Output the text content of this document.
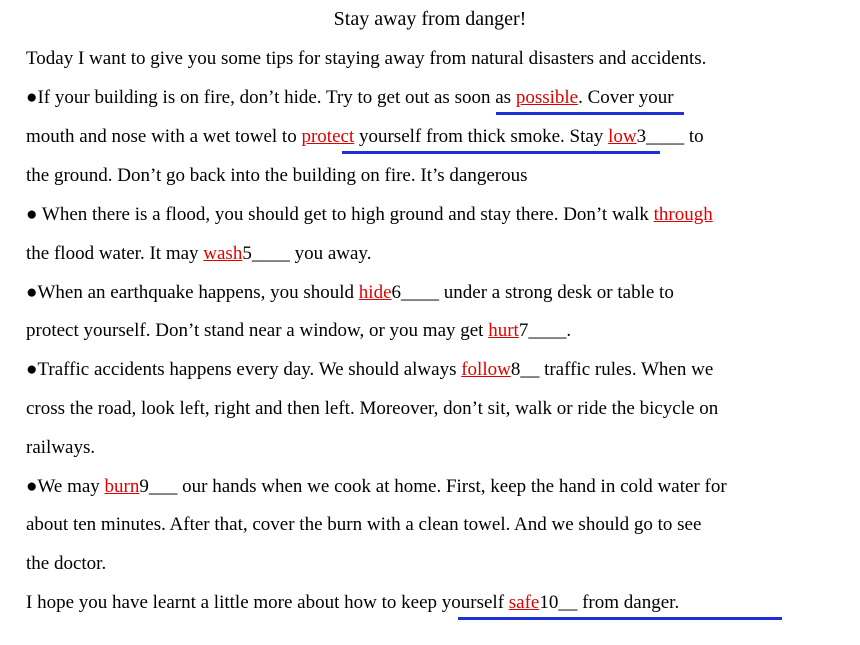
Stay away from danger!
Today I want to give you some tips for staying away from natural disasters and accidents.
●If your building is on fire, don’t hide. Try to get out as soon as possible. Cover your
mouth and nose with a wet towel to protect yourself from thick smoke. Stay low3____ to
the ground. Don’t go back into the building on fire. It’s dangerous
● When there is a flood, you should get to high ground and stay there. Don’t walk through
the flood water. It may wash5____ you away.
●When an earthquake happens, you should hide6____ under a strong desk or table to
protect yourself. Don’t stand near a window, or you may get hurt7____.
●Traffic accidents happens every day. We should always follow8__ traffic rules. When we
cross the road, look left, right and then left. Moreover, don’t sit, walk or ride the bicycle on
railways.
●We may burn9___ our hands when we cook at home. First, keep the hand in cold water for
about ten minutes. After that, cover the burn with a clean towel. And we should go to see
the doctor.
I hope you have learnt a little more about how to keep yourself safe10__ from danger.
